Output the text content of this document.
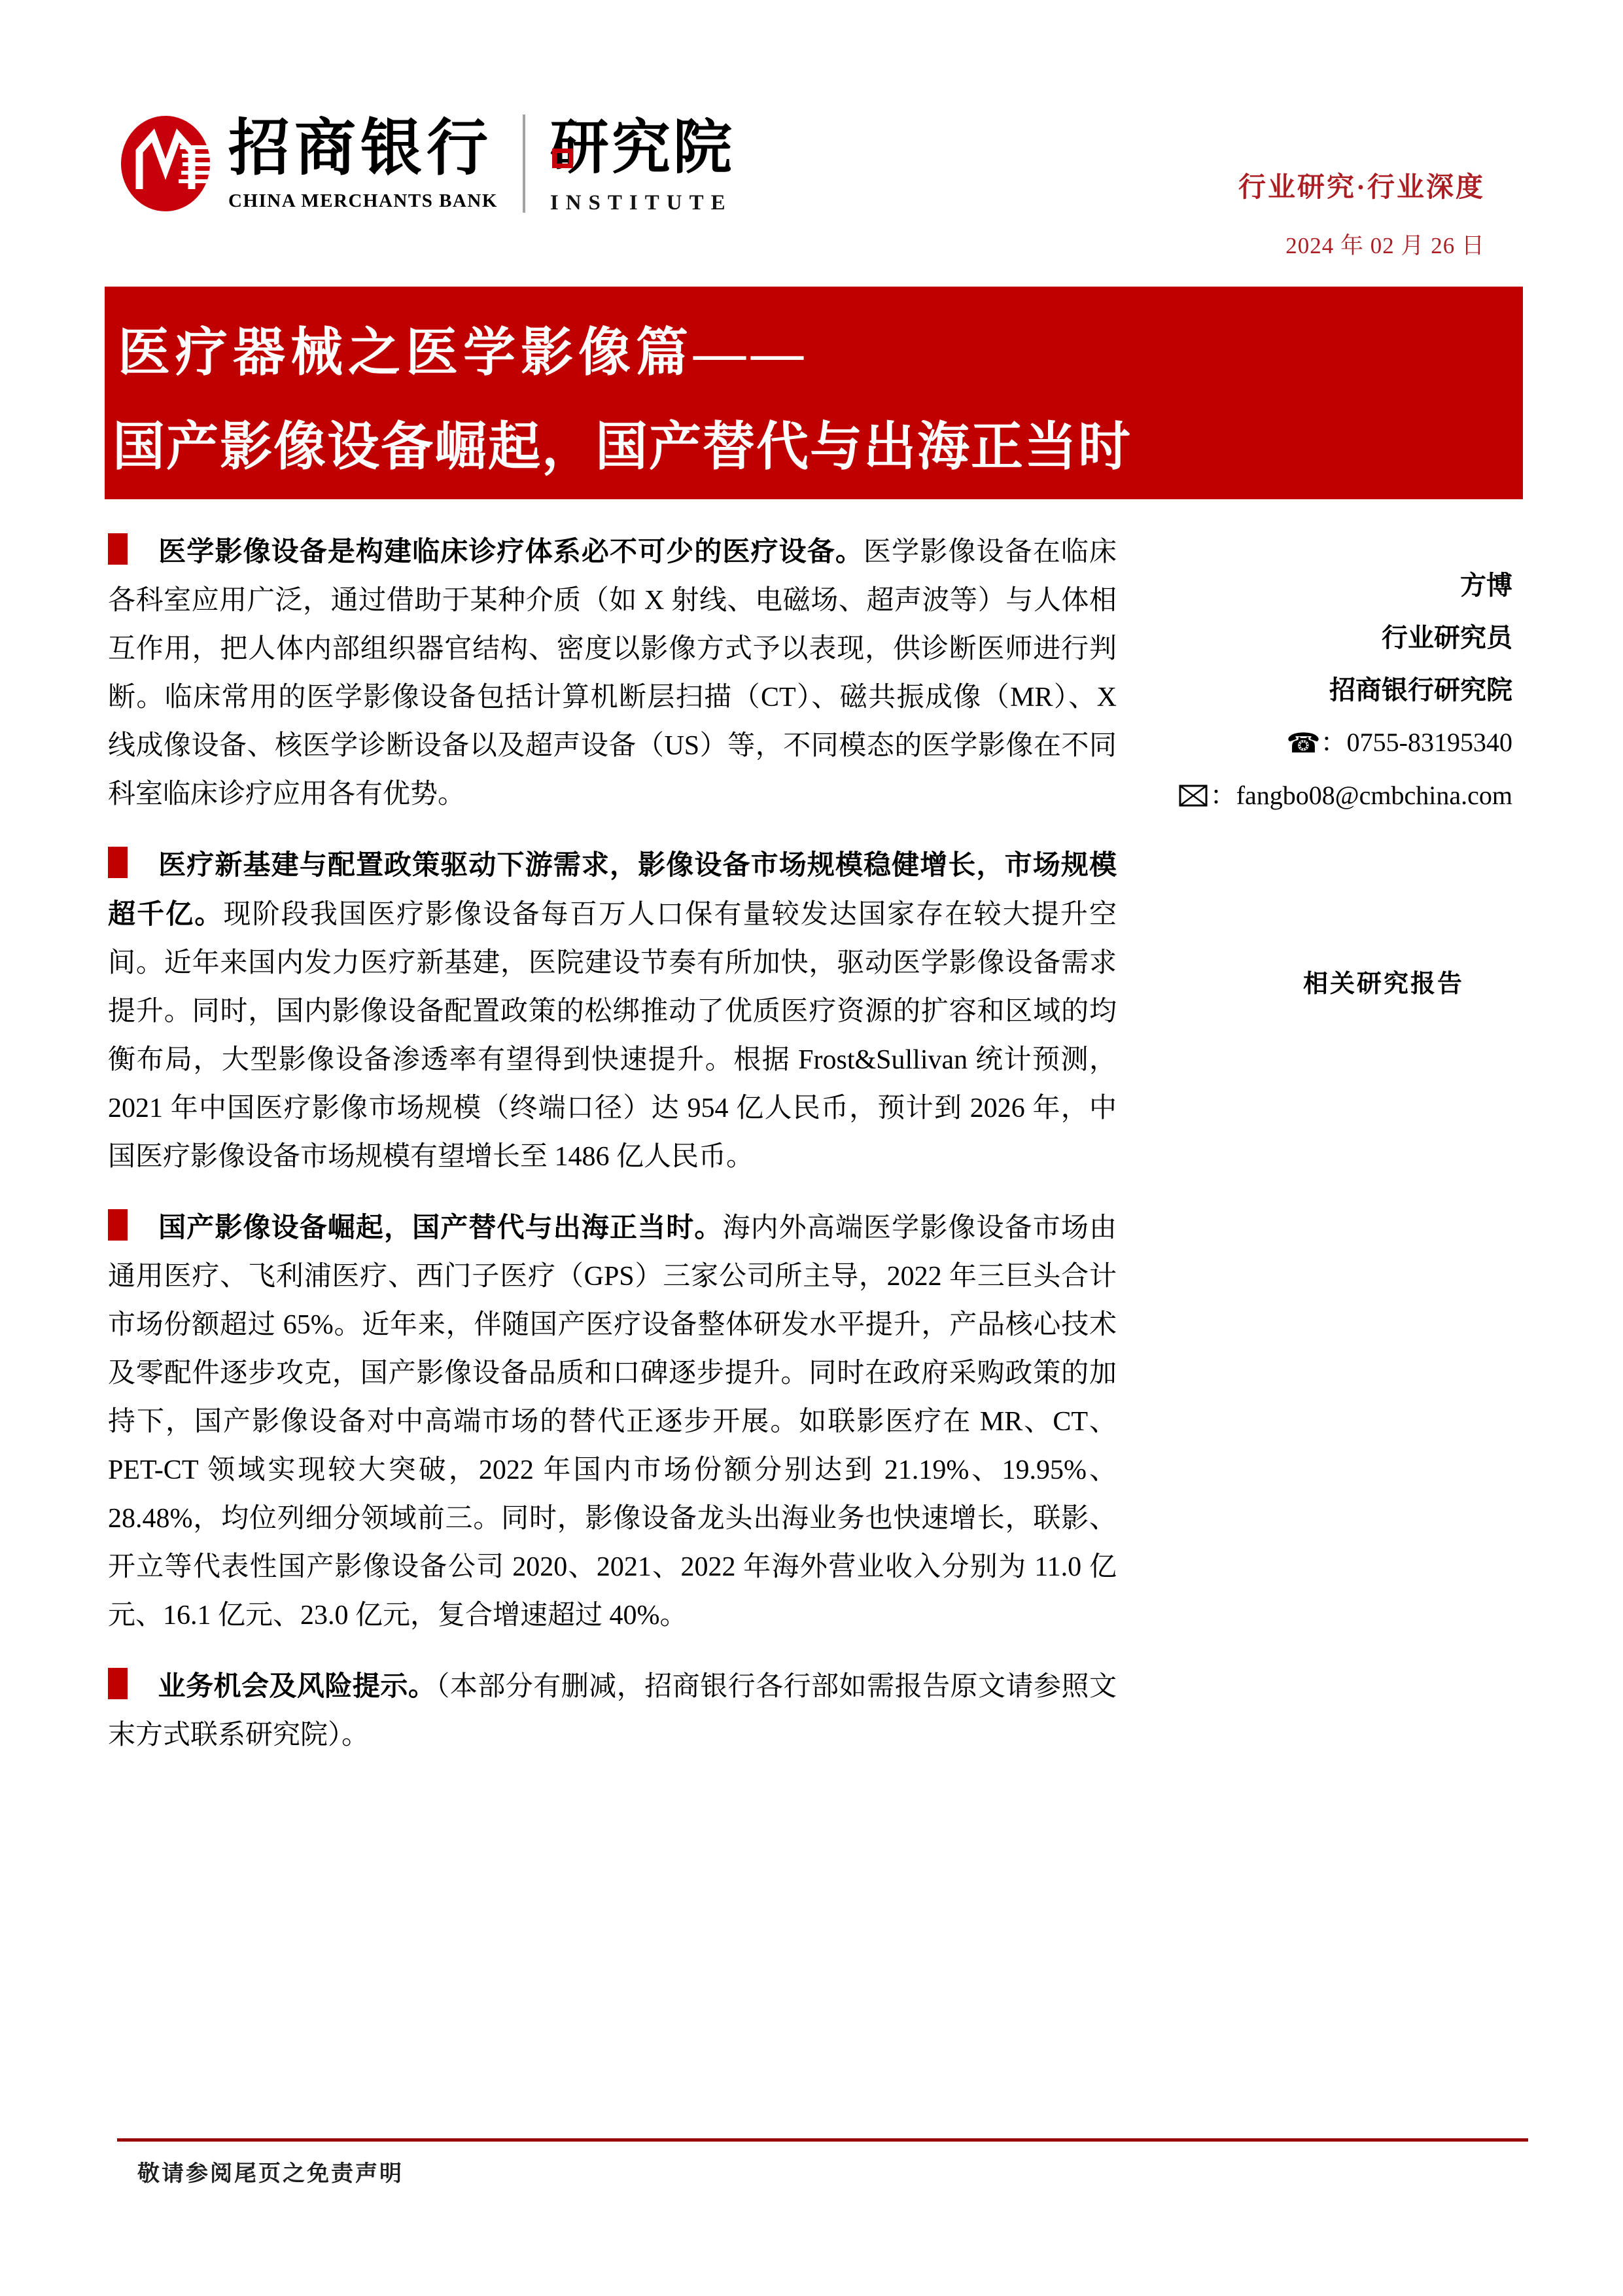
招商银行
CHINA MERCHANTS BANK
研究院
INSTITUTE	行业研究·行业深度
2024 年 02 月 26 日
医疗器械之医学影像篇——
国产影像设备崛起，国产替代与出海正当时

医学影像设备是构建临床诊疗体系必不可少的医疗设备。医学影像设备在临床各科室应用广泛，通过借助于某种介质（如 X 射线、电磁场、超声波等）与人体相互作用，把人体内部组织器官结构、密度以影像方式予以表现，供诊断医师进行判断。临床常用的医学影像设备包括计算机断层扫描（CT）、磁共振成像（MR）、X 线成像设备、核医学诊断设备以及超声设备（US）等，不同模态的医学影像在不同科室临床诊疗应用各有优势。

医疗新基建与配置政策驱动下游需求，影像设备市场规模稳健增长，市场规模超千亿。现阶段我国医疗影像设备每百万人口保有量较发达国家存在较大提升空间。近年来国内发力医疗新基建，医院建设节奏有所加快，驱动医学影像设备需求提升。同时，国内影像设备配置政策的松绑推动了优质医疗资源的扩容和区域的均衡布局，大型影像设备渗透率有望得到快速提升。根据 Frost&Sullivan 统计预测，2021 年中国医疗影像市场规模（终端口径）达 954 亿人民币，预计到 2026 年，中国医疗影像设备市场规模有望增长至 1486 亿人民币。

国产影像设备崛起，国产替代与出海正当时。海内外高端医学影像设备市场由通用医疗、飞利浦医疗、西门子医疗（GPS）三家公司所主导，2022 年三巨头合计市场份额超过 65%。近年来，伴随国产医疗设备整体研发水平提升，产品核心技术及零配件逐步攻克，国产影像设备品质和口碑逐步提升。同时在政府采购政策的加持下，国产影像设备对中高端市场的替代正逐步开展。如联影医疗在 MR、CT、PET-CT 领域实现较大突破，2022 年国内市场份额分别达到 21.19%、19.95%、28.48%，均位列细分领域前三。同时，影像设备龙头出海业务也快速增长，联影、开立等代表性国产影像设备公司 2020、2021、2022 年海外营业收入分别为 11.0 亿元、16.1 亿元、23.0 亿元，复合增速超过 40%。

业务机会及风险提示。（本部分有删减，招商银行各行部如需报告原文请参照文末方式联系研究院）。

方博
行业研究员
招商银行研究院
☎：0755-83195340
：fangbo08@cmbchina.com
相关研究报告
敬请参阅尾页之免责声明
